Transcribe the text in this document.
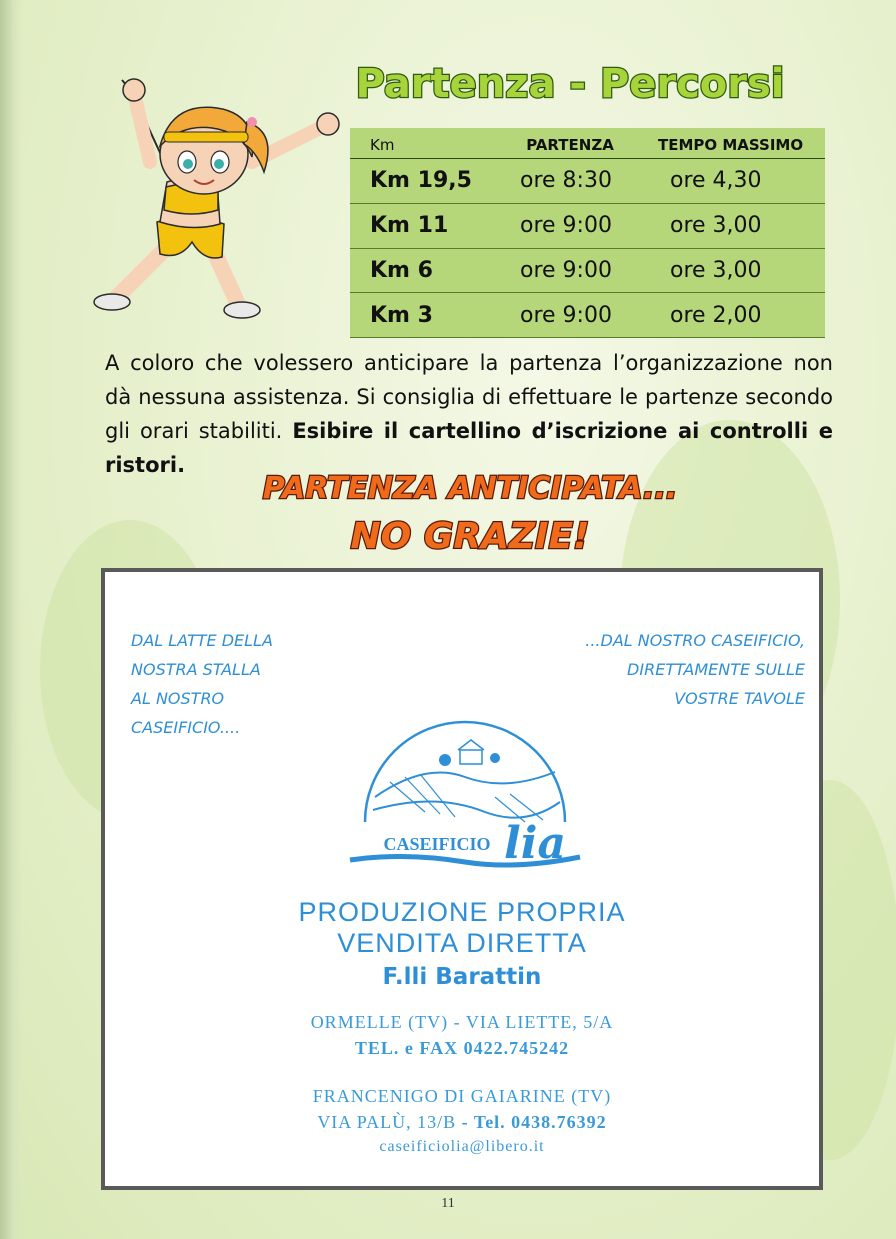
Partenza - Percorsi
Km	PARTENZA	TEMPO MASSIMO
Km 19,5	ore 8:30	ore 4,30
Km 11	ore 9:00	ore 3,00
Km 6	ore 9:00	ore 3,00
Km 3	ore 9:00	ore 2,00

A coloro che volessero anticipare la partenza l’organizzazione non dà nessuna assistenza. Si consiglia di effettuare le partenze secondo gli orari stabiliti. Esibire il cartellino d’iscrizione ai controlli e ristori.

PARTENZA ANTICIPATA...
NO GRAZIE!
DAL LATTE DELLA
NOSTRA STALLA
AL NOSTRO
CASEIFICIO....
...DAL NOSTRO CASEIFICIO,
DIRETTAMENTE SULLE
VOSTRE TAVOLE
CASEIFICIO lia
PRODUZIONE PROPRIA
VENDITA DIRETTA
F.lli Barattin
ORMELLE (TV) - VIA LIETTE, 5/A
TEL. e FAX 0422.745242
FRANCENIGO DI GAIARINE (TV)
VIA PALÙ, 13/B - Tel. 0438.76392
caseificiolia@libero.it
11
